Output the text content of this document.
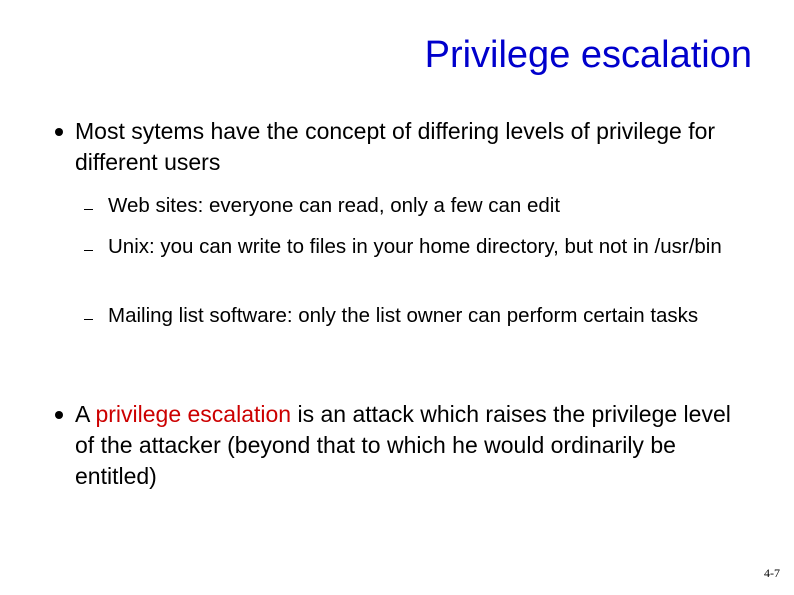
Privilege escalation
Most sytems have the concept of differing levels of privilege for different users
Web sites: everyone can read, only a few can edit
Unix: you can write to files in your home directory, but not in /usr/bin
Mailing list software: only the list owner can perform certain tasks
A privilege escalation is an attack which raises the privilege level of the attacker (beyond that to which he would ordinarily be entitled)
4-7
